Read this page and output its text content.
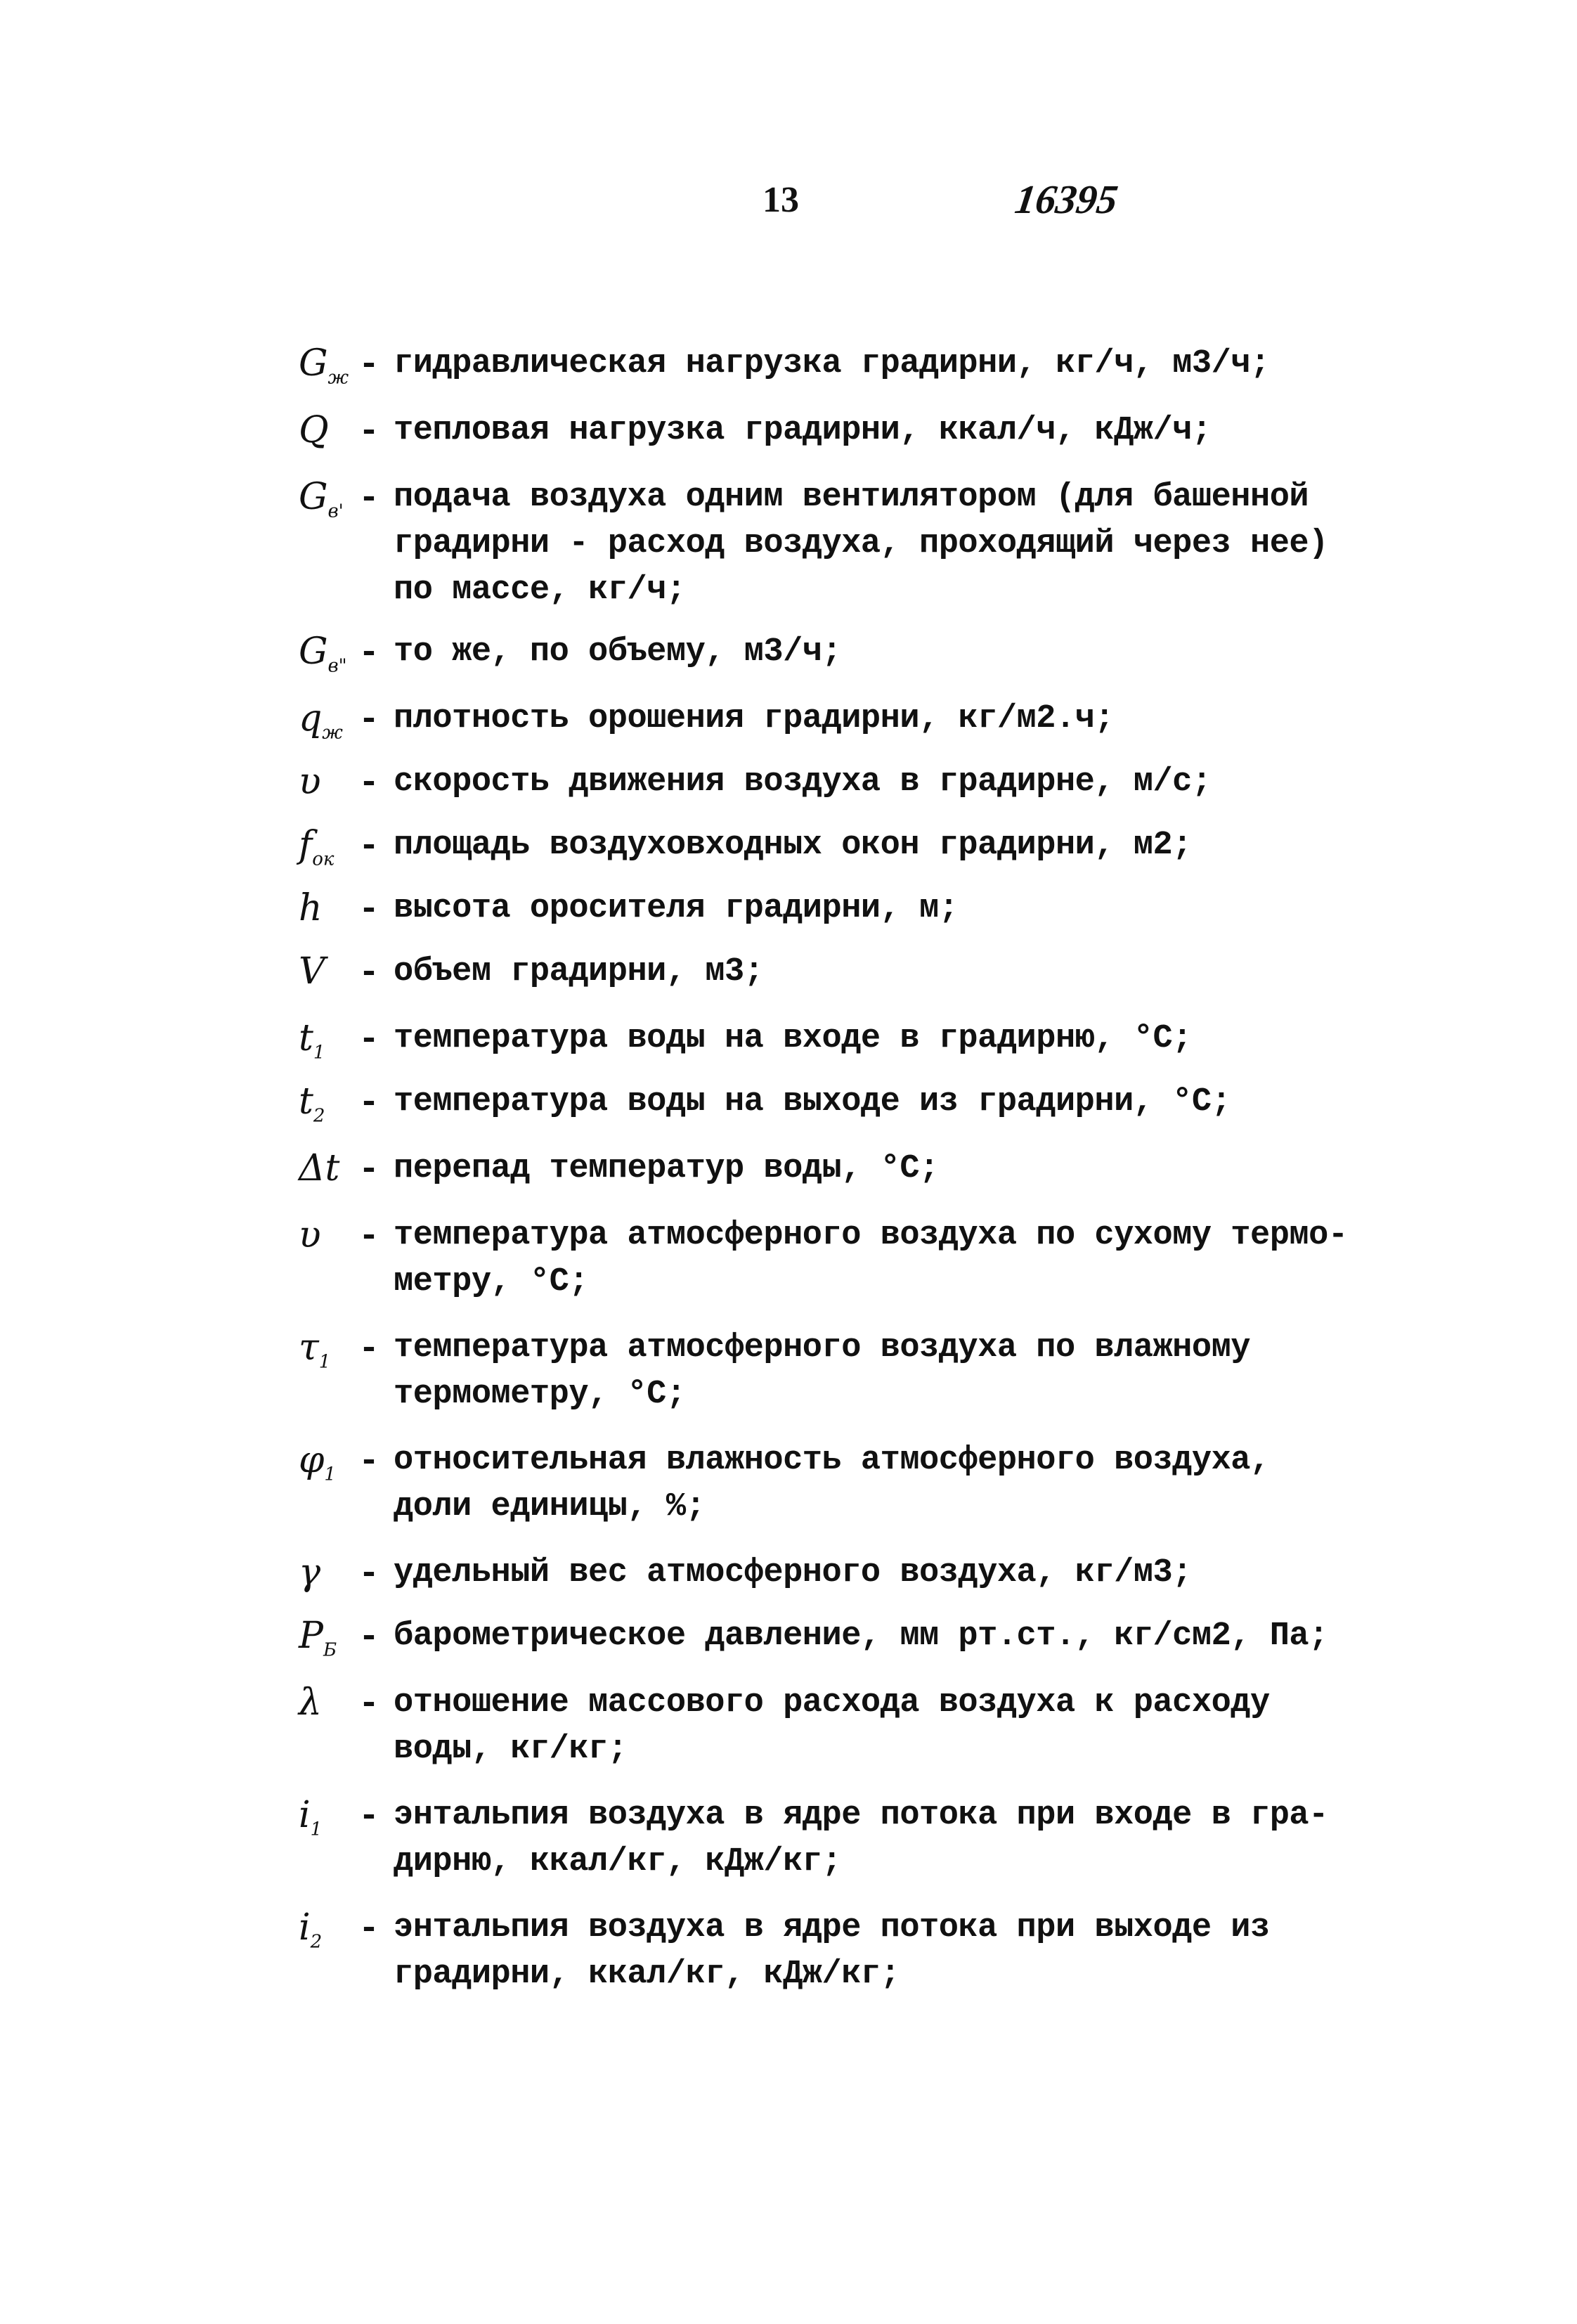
13	16395
$G_ж$ - гидравлическая нагрузка градирни, кг/ч, м3/ч;
Q - тепловая нагрузка градирни, ккал/ч, кДж/ч;
$G_{в'}$ - подача воздуха одним вентилятором (для башенной
градирни - расход воздуха, проходящий через нее)
по массе, кг/ч;
$G_{в"}$ - то же, по объему, м3/ч;
$q_ж$ - плотность орошения градирни, кг/м2.ч;
υ	- скорость движения воздуха в градирне, м/с;
$f_{ок}$ - площадь воздуховходных окон градирни, м2;
h	- высота оросителя градирни, м;
V - объем градирни, м3;
$t_1$ - температура воды на входе в градирню, °С;
$t_2$ - температура воды на выходе из градирни, °С;
Δt - перепад температур воды, °С;
υ	- температура атмосферного воздуха по сухому термо-
метру, °С;
$\tau_1$ - температура атмосферного воздуха по влажному
термометру, °С;
$\varphi_1$ - относительная влажность атмосферного воздуха,
доли единицы, %;
γ	- удельный вес атмосферного воздуха, кг/м3;
$P_Б$ - барометрическое давление, мм рт.ст., кг/см2, Па;
λ	- отношение массового расхода воздуха к расходу
воды, кг/кг;
$i_1$	- энтальпия воздуха в ядре потока при входе в гра-
дирню, ккал/кг, кДж/кг;
$i_2$	- энтальпия воздуха в ядре потока при выходе из
градирни, ккал/кг, кДж/кг;
